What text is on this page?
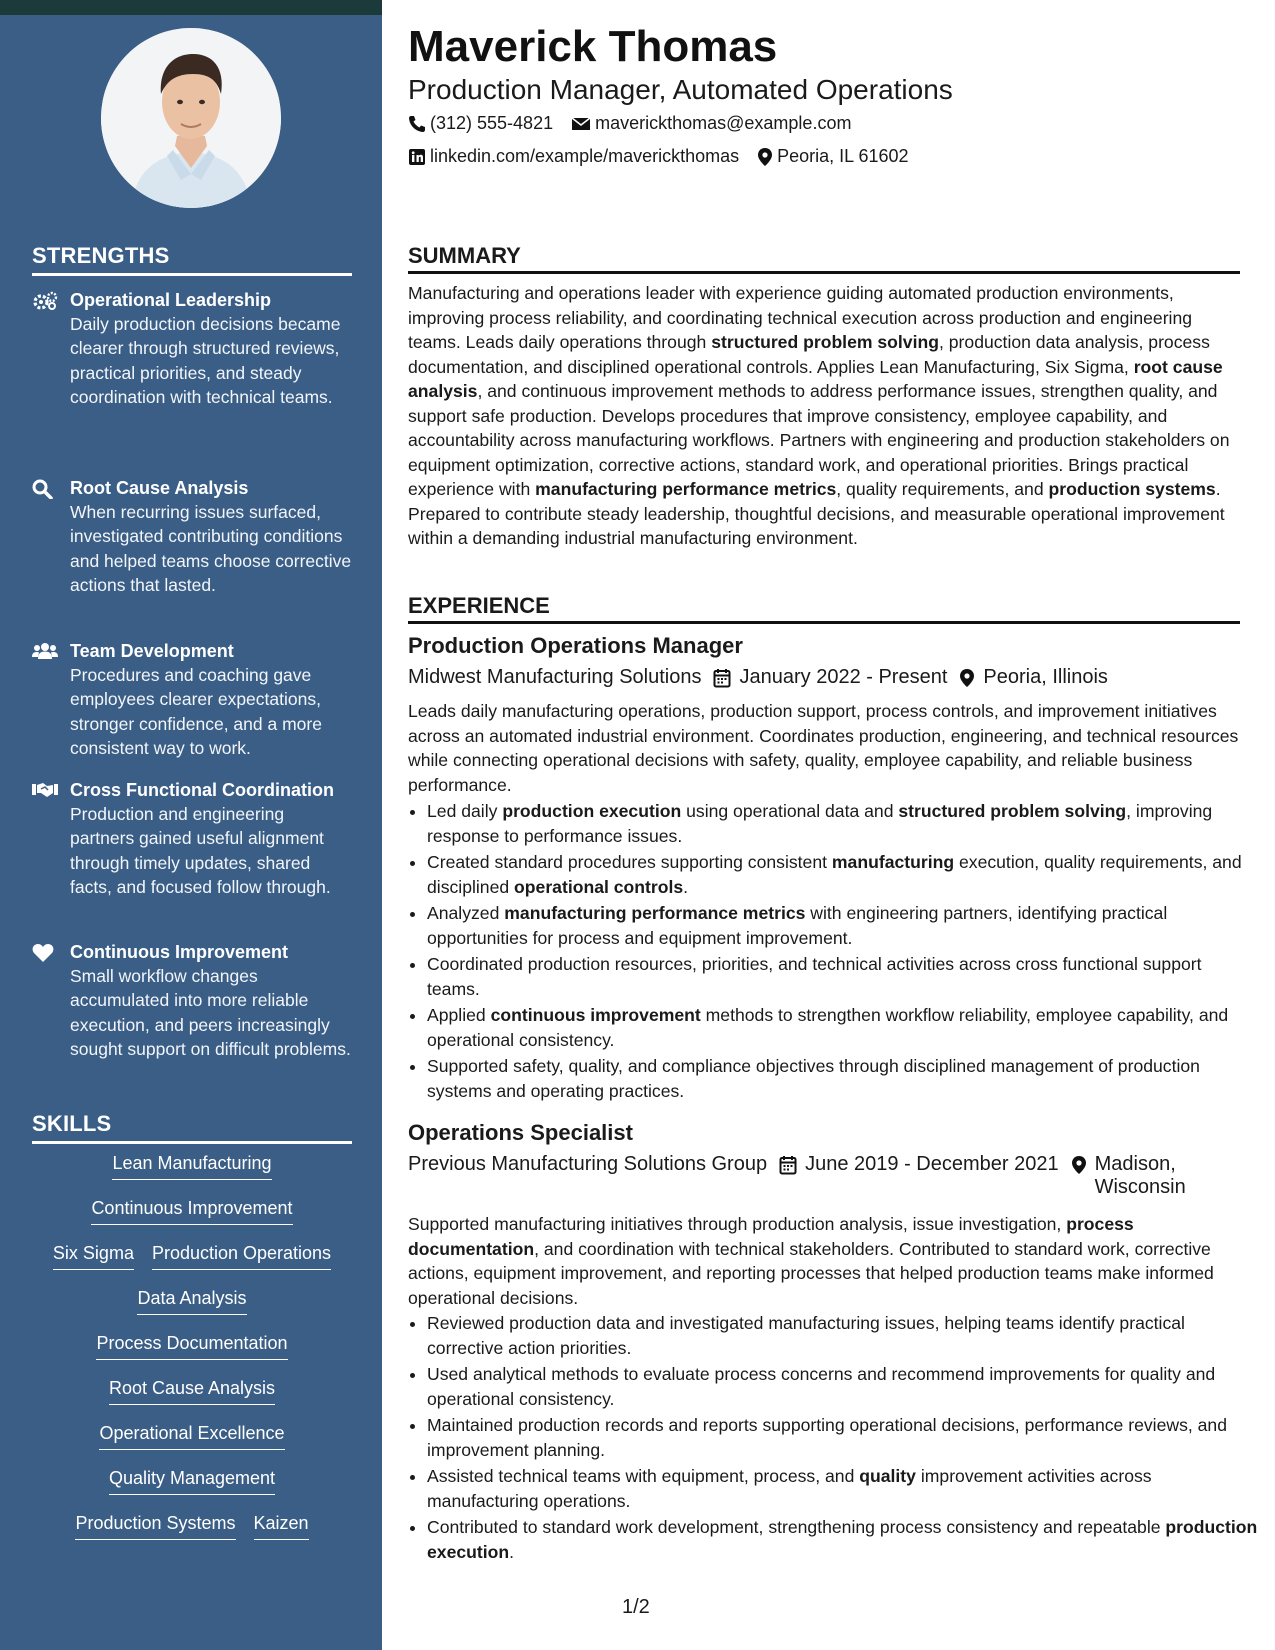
STRENGTHS
Operational Leadership
Daily production decisions became clearer through structured reviews, practical priorities, and steady coordination with technical teams.
Root Cause Analysis
When recurring issues surfaced, investigated contributing conditions and helped teams choose corrective actions that lasted.
Team Development
Procedures and coaching gave employees clearer expectations, stronger confidence, and a more consistent way to work.
Cross Functional Coordination
Production and engineering partners gained useful alignment through timely updates, shared facts, and focused follow through.
Continuous Improvement
Small workflow changes accumulated into more reliable execution, and peers increasingly sought support on difficult problems.
SKILLS
Lean Manufacturing
Continuous Improvement
Six Sigma Production Operations
Data Analysis
Process Documentation
Root Cause Analysis
Operational Excellence
Quality Management
Production Systems Kaizen
Maverick Thomas
Production Manager, Automated Operations
(312) 555-4821 maverickthomas@example.com
linkedin.com/example/maverickthomas Peoria, IL 61602
SUMMARY
Manufacturing and operations leader with experience guiding automated production environments, improving process reliability, and coordinating technical execution across production and engineering teams. Leads daily operations through structured problem solving, production data analysis, process documentation, and disciplined operational controls. Applies Lean Manufacturing, Six Sigma, root cause analysis, and continuous improvement methods to address performance issues, strengthen quality, and support safe production. Develops procedures that improve consistency, employee capability, and accountability across manufacturing workflows. Partners with engineering and production stakeholders on equipment optimization, corrective actions, standard work, and operational priorities. Brings practical experience with manufacturing performance metrics, quality requirements, and production systems. Prepared to contribute steady leadership, thoughtful decisions, and measurable operational improvement within a demanding industrial manufacturing environment.
EXPERIENCE
Production Operations Manager
Midwest Manufacturing Solutions January 2022 - Present Peoria, Illinois
Leads daily manufacturing operations, production support, process controls, and improvement initiatives across an automated industrial environment. Coordinates production, engineering, and technical resources while connecting operational decisions with safety, quality, employee capability, and reliable business performance.
• Led daily production execution using operational data and structured problem solving, improving response to performance issues.
• Created standard procedures supporting consistent manufacturing execution, quality requirements, and disciplined operational controls.
• Analyzed manufacturing performance metrics with engineering partners, identifying practical opportunities for process and equipment improvement.
• Coordinated production resources, priorities, and technical activities across cross functional support teams.
• Applied continuous improvement methods to strengthen workflow reliability, employee capability, and operational consistency.
• Supported safety, quality, and compliance objectives through disciplined management of production systems and operating practices.
Operations Specialist
Previous Manufacturing Solutions Group June 2019 - December 2021 Madison, Wisconsin
Supported manufacturing initiatives through production analysis, issue investigation, process documentation, and coordination with technical stakeholders. Contributed to standard work, corrective actions, equipment improvement, and reporting processes that helped production teams make informed operational decisions.
• Reviewed production data and investigated manufacturing issues, helping teams identify practical corrective action priorities.
• Used analytical methods to evaluate process concerns and recommend improvements for quality and operational consistency.
• Maintained production records and reports supporting operational decisions, performance reviews, and improvement planning.
• Assisted technical teams with equipment, process, and quality improvement activities across manufacturing operations.
• Contributed to standard work development, strengthening process consistency and repeatable production execution.
1/2
